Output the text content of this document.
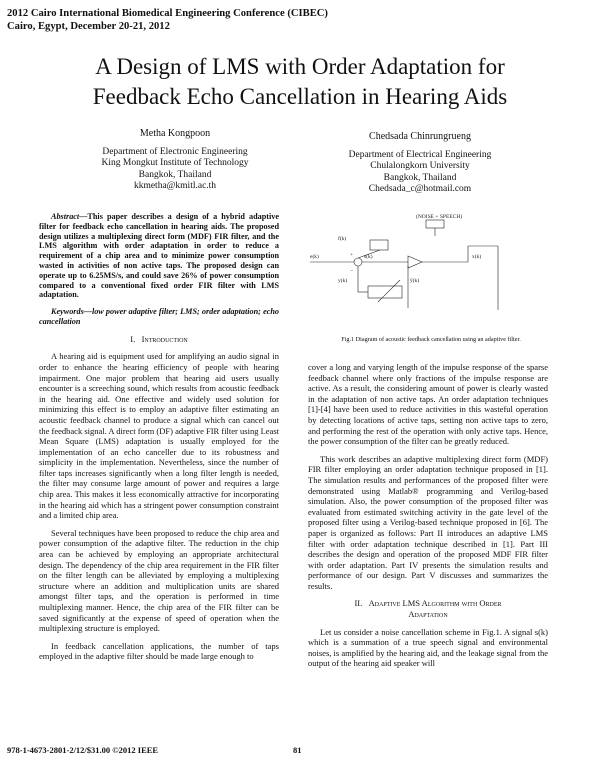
2012 Cairo International Biomedical Engineering Conference (CIBEC)
Cairo, Egypt, December 20-21, 2012
A Design of LMS with Order Adaptation for
Feedback Echo Cancellation in Hearing Aids
Metha Kongpoon
Department of Electronic Engineering
King Mongkut Institute of Technology
Bangkok, Thailand
kkmetha@kmitl.ac.th
Chedsada Chinrungrueng
Department of Electrical Engineering
Chulalongkorn University
Bangkok, Thailand
Chedsada_c@hotmail.com

Abstract—This paper describes a design of a hybrid adaptive filter for feedback echo cancellation in hearing aids. The proposed design utilizes a multiplexing direct form (MDF) FIR filter, and the LMS algorithm with order adaptation in order to reduce a requirement of a chip area and to minimize power consumption wasted in activities of non active taps. The proposed design can operate up to 6.25MS/s, and could save 26% of power consumption compared to a conventional fixed order FIR filter with LMS adaptation.

Keywords—low power adaptive filter; LMS; order adaptation; echo cancellation

I. Introduction

A hearing aid is equipment used for amplifying an audio signal in order to enhance the hearing efficiency of people with hearing impairment. One major problem that hearing aid users usually encounter is a screeching sound, which results from acoustic feedback in the hearing aid. One effective and widely used solution for minimizing this effect is to employ an adaptive filter estimating an acoustic feedback channel to produce a signal which can cancel out the feedback signal. A direct form (DF) adaptive FIR filter using Least Mean Square (LMS) adaptation is usually employed for the implementation of an echo canceller due to its robustness and simplicity in the implementation. Nevertheless, since the number of filter taps increases significantly when a long filter length is needed, the filter may consume large amount of power and requires a large chip area. This makes it less economically attractive for incorporating in the hearing aid which has a stringent power consumption constraint and a limited chip area.

Several techniques have been proposed to reduce the chip area and power consumption of the adaptive filter. The reduction in the chip area can be achieved by employing an appropriate architectural design. The dependency of the chip area requirement in the FIR filter on the filter length can be alleviated by employing a multiplexing structure where an addition and multiplication units are shared amongst filter taps, and the operation is performed in time multiplexing manner. Hence, the chip area of the FIR filter can be saved significantly at the expense of speed of operation when the multiplexing structure is employed.

In feedback cancellation applications, the number of taps employed in the adaptive filter should be made large enough to

(NOISE + SPEECH)
f(k)
s(k)
e(k)	x(k)
y(k)	ŷ(k)
+
−
Fig.1 Diagram of acoustic feedback cancellation using an adaptive filter.

cover a long and varying length of the impulse response of the sparse feedback channel where only fractions of the impulse response are active. As a result, the considering amount of power is clearly wasted in the adaptation of non active taps. An order adaptation techniques [1]-[4] have been used to reduce activities in this wasteful operation by detecting locations of active taps, setting non active taps to zero, and performing the rest of the operation with only active taps. Hence, the power consumption of the filter can be greatly reduced.

This work describes an adaptive multiplexing direct form (MDF) FIR filter employing an order adaptation technique proposed in [1]. The simulation results and performances of the proposed filter were demonstrated using Matlab® programming and Verilog-based simulation. Also, the power consumption of the proposed filter was evaluated from estimated switching activity in the gate level of the proposed filter using a Verilog-based technique proposed in [6]. The paper is organized as follows: Part II introduces an adaptive LMS filter with order adaptation technique described in [1]. Part III describes the design and operation of the proposed MDF FIR filter with order adaptation. Part IV presents the simulation results and performance of our design. Part V discusses and summarizes the results.

II. Adaptive LMS Algorithm with Order
Adaptation

Let us consider a noise cancellation scheme in Fig.1. A signal s(k) which is a summation of a true speech signal and environmental noises, is amplified by the hearing aid, and the leakage signal from the output of the hearing aid speaker will

978-1-4673-2801-2/12/$31.00 ©2012 IEEE	81
